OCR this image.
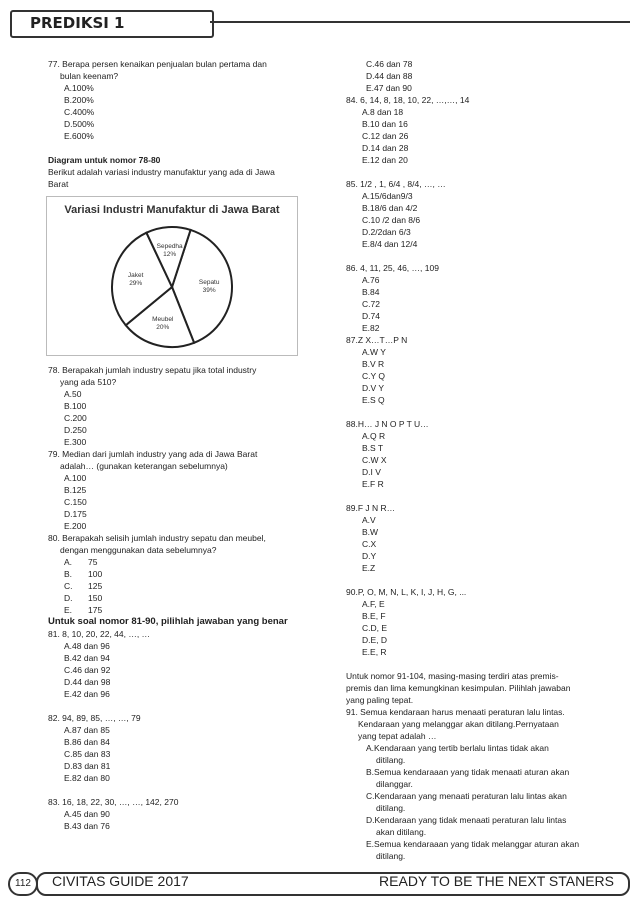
PREDIKSI 1

77. Berapa persen kenaikan penjualan bulan pertama dan

bulan keenam?

A.100%

B.200%

C.400%

D.500%

E.600%

Diagram untuk nomor 78-80

Berikut adalah variasi industry manufaktur yang ada di Jawa

Barat

Variasi Industri Manufaktur di Jawa Barat
Sepatu
39%
Meubel
20%
Jaket
29%
Sepedha
12%

78. Berapakah jumlah industry sepatu jika total industry

yang ada 510?

A.50

B.100

C.200

D.250

E.300

79. Median dari jumlah industry yang ada di Jawa Barat

adalah… (gunakan keterangan sebelumnya)

A.100

B.125

C.150

D.175

E.200

80. Berapakah selisih jumlah industry sepatu dan meubel,

dengan menggunakan data sebelumnya?

A. 75

B. 100

C. 125

D. 150

E. 175

Untuk soal nomor 81-90, pilihlah jawaban yang benar

81. 8, 10, 20, 22, 44, …, …

A.48 dan 96

B.42 dan 94

C.46 dan 92

D.44 dan 98

E.42 dan 96

82. 94, 89, 85, …, …, 79

A.87 dan 85

B.86 dan 84

C.85 dan 83

D.83 dan 81

E.82 dan 80

83. 16, 18, 22, 30, …, …, 142, 270

A.45 dan 90

B.43 dan 76

C.46 dan 78

D.44 dan 88

E.47 dan 90

84. 6, 14, 8, 18, 10, 22, …,…, 14

A.8 dan 18

B.10 dan 16

C.12 dan 26

D.14 dan 28

E.12 dan 20

85. 1/2 , 1, 6/4 , 8/4, …, …

A.15/6dan9/3

B.18/6 dan 4/2

C.10 /2 dan 8/6

D.2/2dan 6/3

E.8/4 dan 12/4

86. 4, 11, 25, 46, …, 109

A.76

B.84

C.72

D.74

E.82

87.Z X…T…P N

A.W Y

B.V R

C.Y Q

D.V Y

E.S Q

88.H… J N O P T U…

A.Q R

B.S T

C.W X

D.I V

E.F R

89.F J N R…

A.V

B.W

C.X

D.Y

E.Z

90.P, O, M, N, L, K, I, J, H, G, ...

A.F, E

B.E, F

C.D, E

D.E, D

E.E, R

Untuk nomor 91-104, masing-masing terdiri atas premis-

premis dan lima kemungkinan kesimpulan. Pilihlah jawaban

yang paling tepat.

91. Semua kendaraan harus menaati peraturan lalu lintas.

Kendaraan yang melanggar akan ditilang.Pernyataan

yang tepat adalah …

A.Kendaraan yang tertib berlalu lintas tidak akan

ditilang.

B.Semua kendaraaan yang tidak menaati aturan akan

dilanggar.

C.Kendaraan yang menaati peraturan lalu lintas akan

ditilang.

D.Kendaraan yang tidak menaati peraturan lalu lintas

akan ditilang.

E.Semua kendaraaan yang tidak melanggar aturan akan

ditilang.

112	CIVITAS GUIDE 2017	READY TO BE THE NEXT STANERS
